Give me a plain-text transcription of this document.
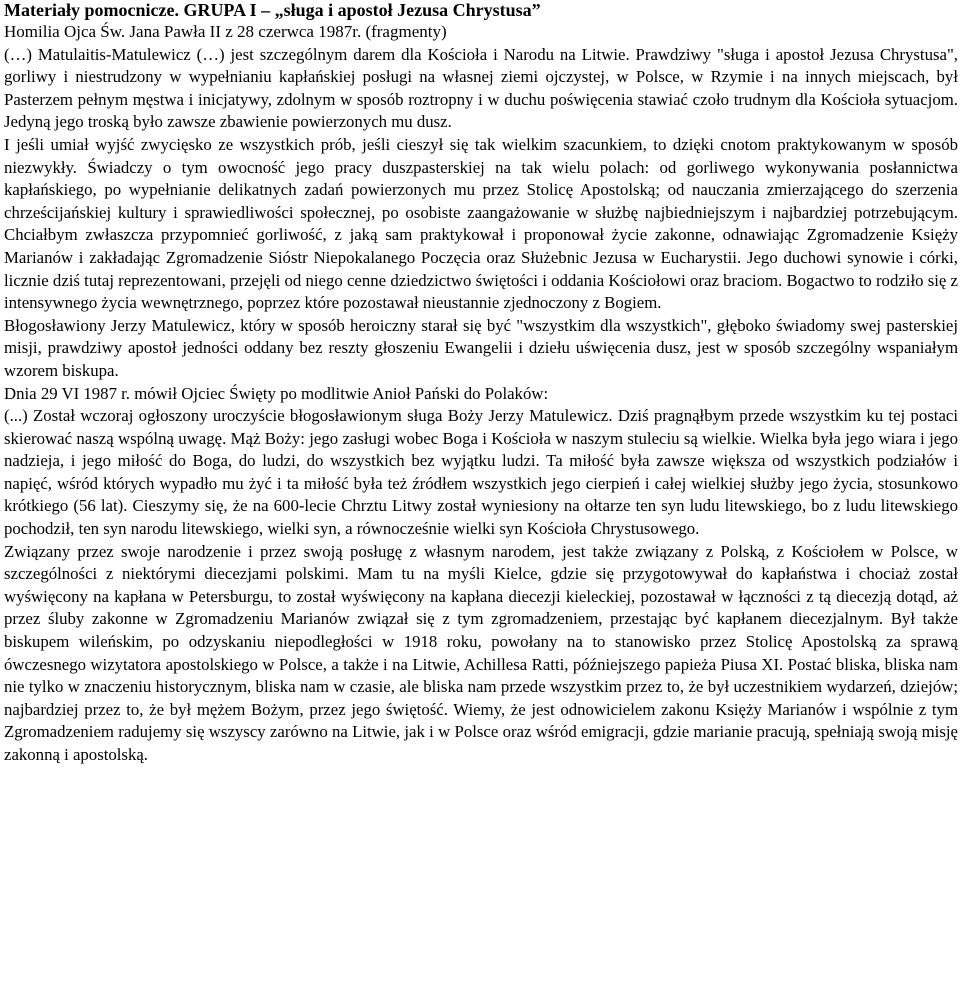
Materiały pomocnicze. GRUPA I – „sługa i apostoł Jezusa Chrystusa”

Homilia Ojca Św. Jana Pawła II z 28 czerwca 1987r. (fragmenty)

(…) Matulaitis-Matulewicz (…) jest szczególnym darem dla Kościoła i Narodu na Litwie. Prawdziwy "sługa i apostoł Jezusa Chrystusa", gorliwy i niestrudzony w wypełnianiu kapłańskiej posługi na własnej ziemi ojczystej, w Polsce, w Rzymie i na innych miejscach, był Pasterzem pełnym męstwa i inicjatywy, zdolnym w sposób roztropny i w duchu poświęcenia stawiać czoło trudnym dla Kościoła sytuacjom. Jedyną jego troską było zawsze zbawienie powierzonych mu dusz.

I jeśli umiał wyjść zwycięsko ze wszystkich prób, jeśli cieszył się tak wielkim szacunkiem, to dzięki cnotom praktykowanym w sposób niezwykły. Świadczy o tym owocność jego pracy duszpasterskiej na tak wielu polach: od gorliwego wykonywania posłannictwa kapłańskiego, po wypełnianie delikatnych zadań powierzonych mu przez Stolicę Apostolską; od nauczania zmierzającego do szerzenia chrześcijańskiej kultury i sprawiedliwości społecznej, po osobiste zaangażowanie w służbę najbiedniejszym i najbardziej potrzebującym. Chciałbym zwłaszcza przypomnieć gorliwość, z jaką sam praktykował i proponował życie zakonne, odnawiając Zgromadzenie Księży Marianów i zakładając Zgromadzenie Sióstr Niepokalanego Poczęcia oraz Służebnic Jezusa w Eucharystii. Jego duchowi synowie i córki, licznie dziś tutaj reprezentowani, przejęli od niego cenne dziedzictwo świętości i oddania Kościołowi oraz braciom. Bogactwo to rodziło się z intensywnego życia wewnętrznego, poprzez które pozostawał nieustannie zjednoczony z Bogiem.

Błogosławiony Jerzy Matulewicz, który w sposób heroiczny starał się być "wszystkim dla wszystkich", głęboko świadomy swej pasterskiej misji, prawdziwy apostoł jedności oddany bez reszty głoszeniu Ewangelii i dziełu uświęcenia dusz, jest w sposób szczególny wspaniałym wzorem biskupa.

Dnia 29 VI 1987 r. mówił Ojciec Święty po modlitwie Anioł Pański do Polaków:

(...) Został wczoraj ogłoszony uroczyście błogosławionym sługa Boży Jerzy Matulewicz. Dziś pragnąłbym przede wszystkim ku tej postaci skierować naszą wspólną uwagę. Mąż Boży: jego zasługi wobec Boga i Kościoła w naszym stuleciu są wielkie. Wielka była jego wiara i jego nadzieja, i jego miłość do Boga, do ludzi, do wszystkich bez wyjątku ludzi. Ta miłość była zawsze większa od wszystkich podziałów i napięć, wśród których wypadło mu żyć i ta miłość była też źródłem wszystkich jego cierpień i całej wielkiej służby jego życia, stosunkowo krótkiego (56 lat). Cieszymy się, że na 600-lecie Chrztu Litwy został wyniesiony na ołtarze ten syn ludu litewskiego, bo z ludu litewskiego pochodził, ten syn narodu litewskiego, wielki syn, a równocześnie wielki syn Kościoła Chrystusowego.

Związany przez swoje narodzenie i przez swoją posługę z własnym narodem, jest także związany z Polską, z Kościołem w Polsce, w szczególności z niektórymi diecezjami polskimi. Mam tu na myśli Kielce, gdzie się przygotowywał do kapłaństwa i chociaż został wyświęcony na kapłana w Petersburgu, to został wyświęcony na kapłana diecezji kieleckiej, pozostawał w łączności z tą diecezją dotąd, aż przez śluby zakonne w Zgromadzeniu Marianów związał się z tym zgromadzeniem, przestając być kapłanem diecezjalnym. Był także biskupem wileńskim, po odzyskaniu niepodległości w 1918 roku, powołany na to stanowisko przez Stolicę Apostolską za sprawą ówczesnego wizytatora apostolskiego w Polsce, a także i na Litwie, Achillesa Ratti, późniejszego papieża Piusa XI. Postać bliska, bliska nam nie tylko w znaczeniu historycznym, bliska nam w czasie, ale bliska nam przede wszystkim przez to, że był uczestnikiem wydarzeń, dziejów; najbardziej przez to, że był mężem Bożym, przez jego świętość. Wiemy, że jest odnowicielem zakonu Księży Marianów i wspólnie z tym Zgromadzeniem radujemy się wszyscy zarówno na Litwie, jak i w Polsce oraz wśród emigracji, gdzie marianie pracują, spełniają swoją misję zakonną i apostolską.
